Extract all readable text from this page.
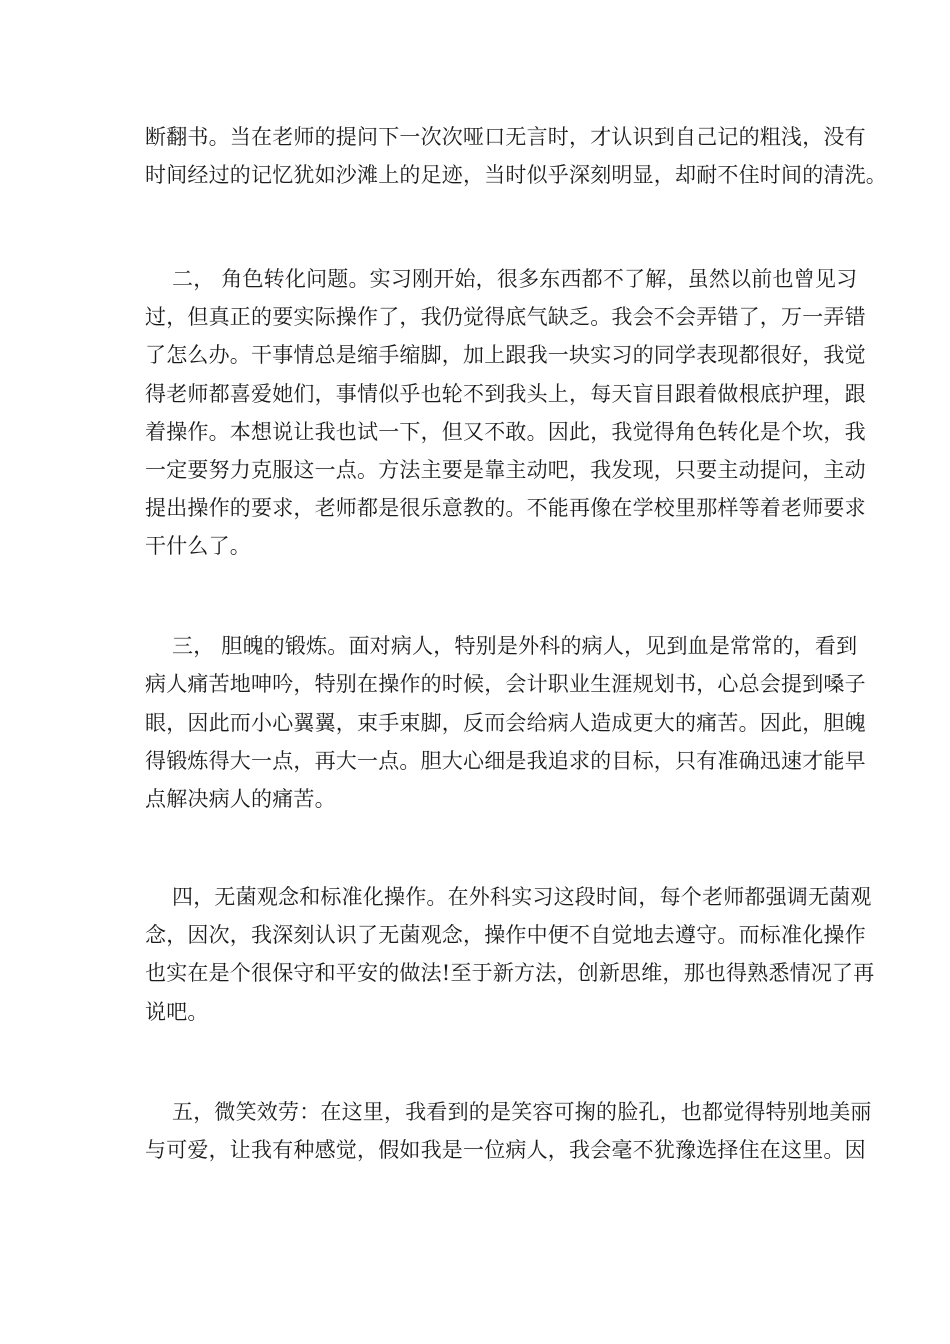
断翻书。当在老师的提问下一次次哑口无言时，才认识到自己记的粗浅，没有
时间经过的记忆犹如沙滩上的足迹，当时似乎深刻明显，却耐不住时间的清洗。
二， 角色转化问题。实习刚开始，很多东西都不了解，虽然以前也曾见习
过，但真正的要实际操作了，我仍觉得底气缺乏。我会不会弄错了，万一弄错
了怎么办。干事情总是缩手缩脚，加上跟我一块实习的同学表现都很好，我觉
得老师都喜爱她们，事情似乎也轮不到我头上，每天盲目跟着做根底护理，跟
着操作。本想说让我也试一下，但又不敢。因此，我觉得角色转化是个坎，我
一定要努力克服这一点。方法主要是靠主动吧，我发现，只要主动提问，主动
提出操作的要求，老师都是很乐意教的。不能再像在学校里那样等着老师要求
干什么了。
三， 胆魄的锻炼。面对病人，特别是外科的病人，见到血是常常的，看到
病人痛苦地呻吟，特别在操作的时候，会计职业生涯规划书，心总会提到嗓子
眼，因此而小心翼翼，束手束脚，反而会给病人造成更大的痛苦。因此，胆魄
得锻炼得大一点，再大一点。胆大心细是我追求的目标，只有准确迅速才能早
点解决病人的痛苦。
四，无菌观念和标准化操作。在外科实习这段时间，每个老师都强调无菌观
念，因次，我深刻认识了无菌观念，操作中便不自觉地去遵守。而标准化操作
也实在是个很保守和平安的做法!至于新方法，创新思维，那也得熟悉情况了再
说吧。
五，微笑效劳：在这里，我看到的是笑容可掬的脸孔，也都觉得特别地美丽
与可爱，让我有种感觉，假如我是一位病人，我会毫不犹豫选择住在这里。因
